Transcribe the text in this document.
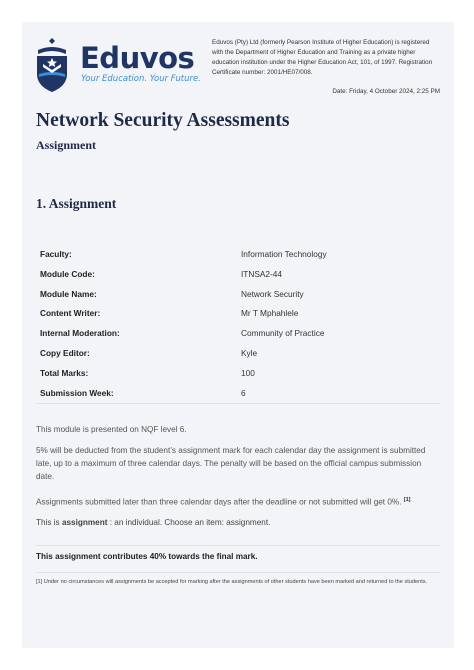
Eduvos
Your Education. Your Future.
Eduvos (Pty) Ltd (formerly Pearson Institute of Higher Education) is registered with the Department of Higher Education and Training as a private higher education institution under the Higher Education Act, 101, of 1997. Registration Certificate number: 2001/HE07/008.
Date: Friday, 4 October 2024, 2:25 PM
Network Security Assessments
Assignment
1. Assignment
Faculty:	Information Technology
Module Code:	ITNSA2-44
Module Name:	Network Security
Content Writer:	Mr T Mphahlele
Internal Moderation:	Community of Practice
Copy Editor:	Kyle
Total Marks:	100
Submission Week:	6
This module is presented on NQF level 6.
5% will be deducted from the student’s assignment mark for each calendar day the assignment is submitted late, up to a maximum of three calendar days. The penalty will be based on the official campus submission date.
Assignments submitted later than three calendar days after the deadline or not submitted will get 0%. [1]
This is assignment : an individual. Choose an item: assignment.
This assignment contributes 40% towards the final mark.
[1] Under no circumstances will assignments be accepted for marking after the assignments of other students have been marked and returned to the students.
